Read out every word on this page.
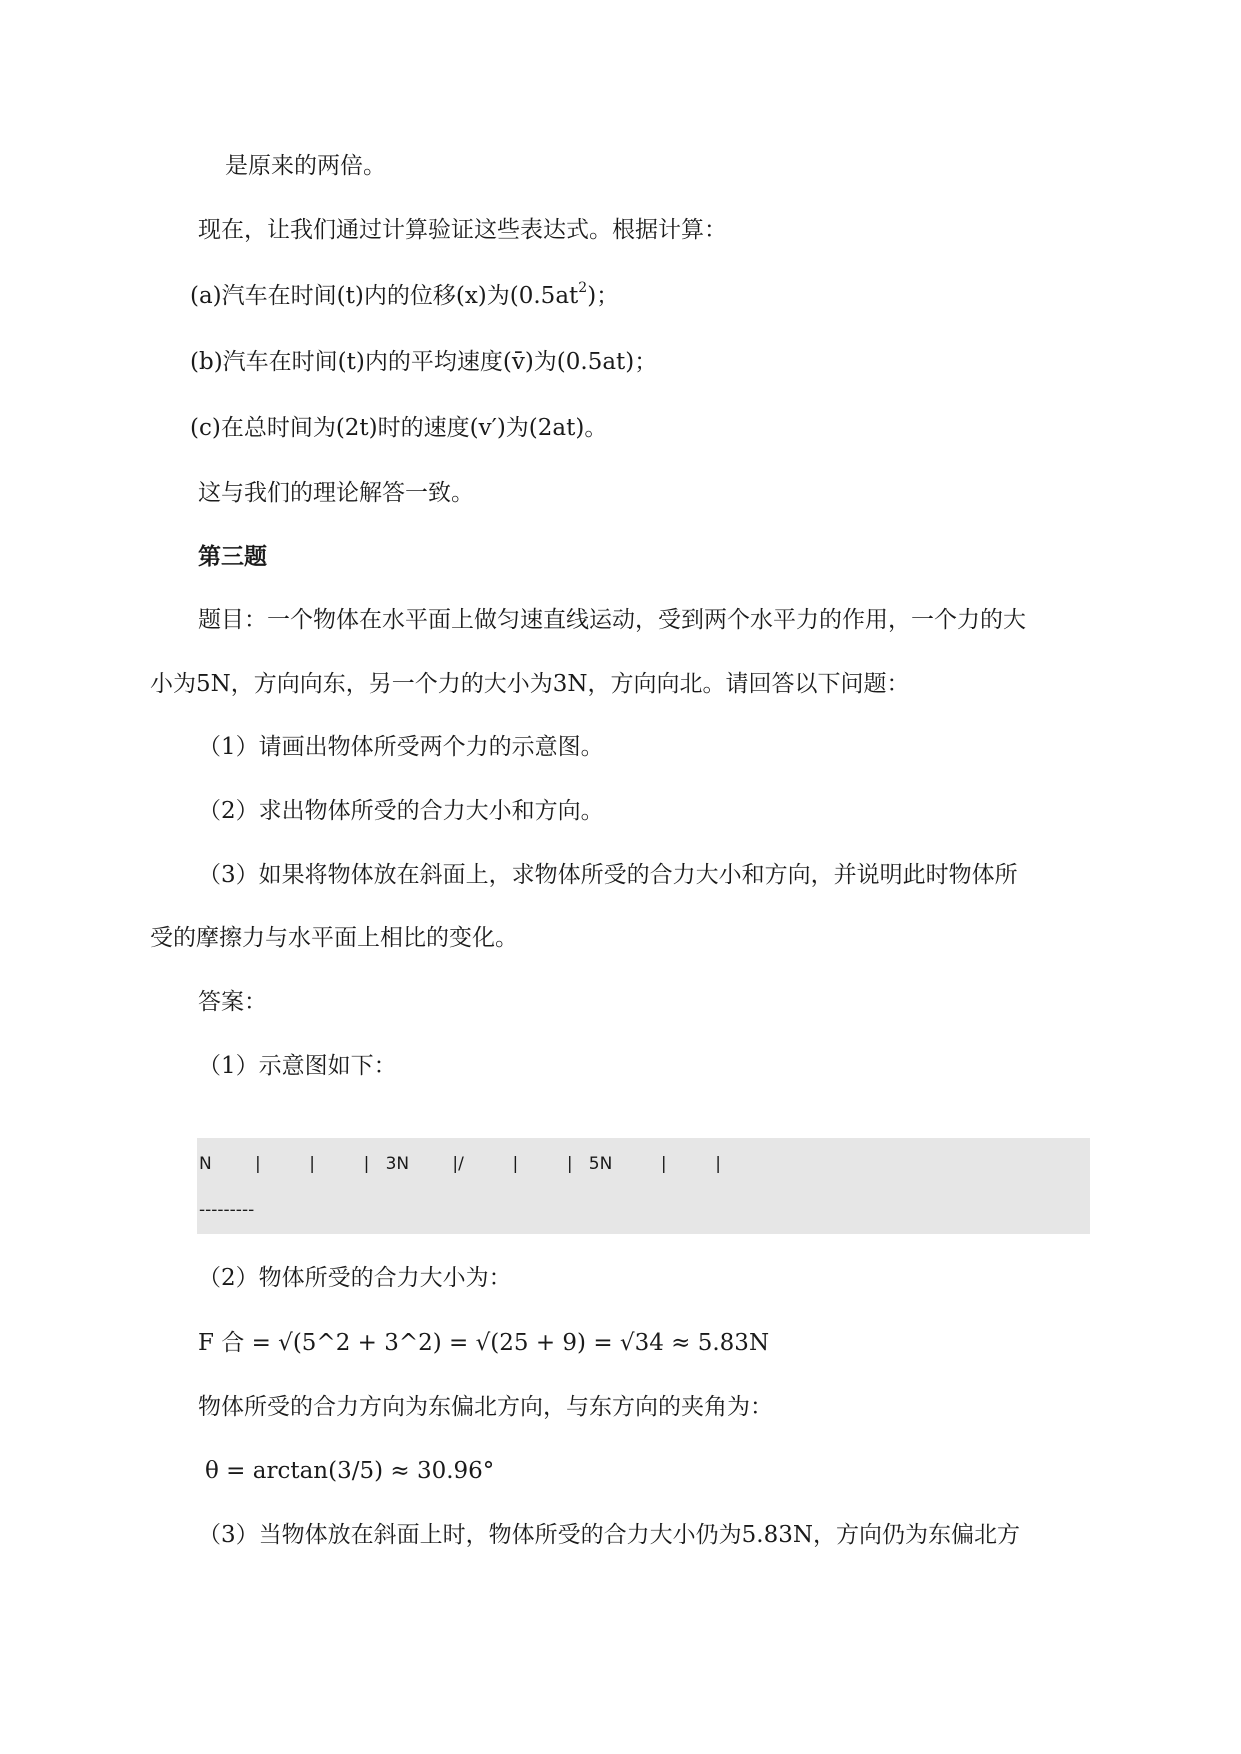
是原来的两倍。
现在，让我们通过计算验证这些表达式。根据计算：
(a)汽车在时间(t)内的位移(x)为$(0.5at^2)$；
(b)汽车在时间(t)内的平均速度(v̄)为(0.5at)；
(c)在总时间为(2t)时的速度(v′)为(2at)。
这与我们的理论解答一致。
第三题
题目：一个物体在水平面上做匀速直线运动，受到两个水平力的作用，一个力的大
小为5N，方向向东，另一个力的大小为3N，方向向北。请回答以下问题：
（1）请画出物体所受两个力的示意图。
（2）求出物体所受的合力大小和方向。
（3）如果将物体放在斜面上，求物体所受的合力大小和方向，并说明此时物体所
受的摩擦力与水平面上相比的变化。
答案：
（1）示意图如下：
N        |         |         |   3N        |/         |         |   5N         |         |
---------
（2）物体所受的合力大小为：
F 合 = √(5^2 + 3^2) = √(25 + 9) = √34 ≈ 5.83N
物体所受的合力方向为东偏北方向，与东方向的夹角为：
θ = arctan(3/5) ≈ 30.96°
（3）当物体放在斜面上时，物体所受的合力大小仍为5.83N，方向仍为东偏北方
